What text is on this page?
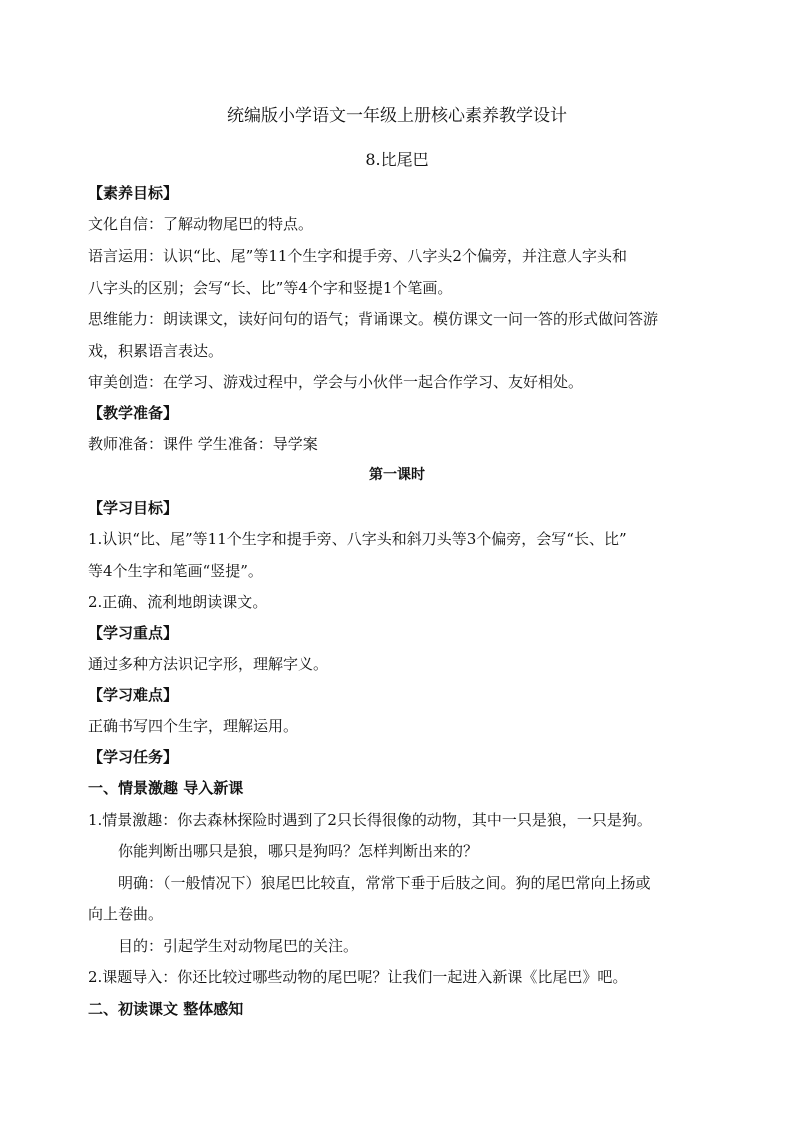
统编版小学语文一年级上册核心素养教学设计
8.比尾巴
【素养目标】
文化自信：了解动物尾巴的特点。
语言运用：认识“比、尾”等11个生字和提手旁、八字头2个偏旁，并注意人字头和
八字头的区别；会写“长、比”等4个字和竖提1个笔画。
思维能力：朗读课文，读好问句的语气；背诵课文。模仿课文一问一答的形式做问答游
戏，积累语言表达。
审美创造：在学习、游戏过程中，学会与小伙伴一起合作学习、友好相处。
【教学准备】
教师准备：课件 学生准备：导学案
第一课时
【学习目标】
1.认识“比、尾”等11个生字和提手旁、八字头和斜刀头等3个偏旁，会写“长、比”
等4个生字和笔画“竖提”。
2.正确、流利地朗读课文。
【学习重点】
通过多种方法识记字形，理解字义。
【学习难点】
正确书写四个生字，理解运用。
【学习任务】
一、情景激趣 导入新课
1.情景激趣：你去森林探险时遇到了2只长得很像的动物，其中一只是狼，一只是狗。
你能判断出哪只是狼，哪只是狗吗？怎样判断出来的？
明确：（一般情况下）狼尾巴比较直，常常下垂于后肢之间。狗的尾巴常向上扬或
向上卷曲。
目的：引起学生对动物尾巴的关注。
2.课题导入：你还比较过哪些动物的尾巴呢？让我们一起进入新课《比尾巴》吧。
二、初读课文 整体感知
